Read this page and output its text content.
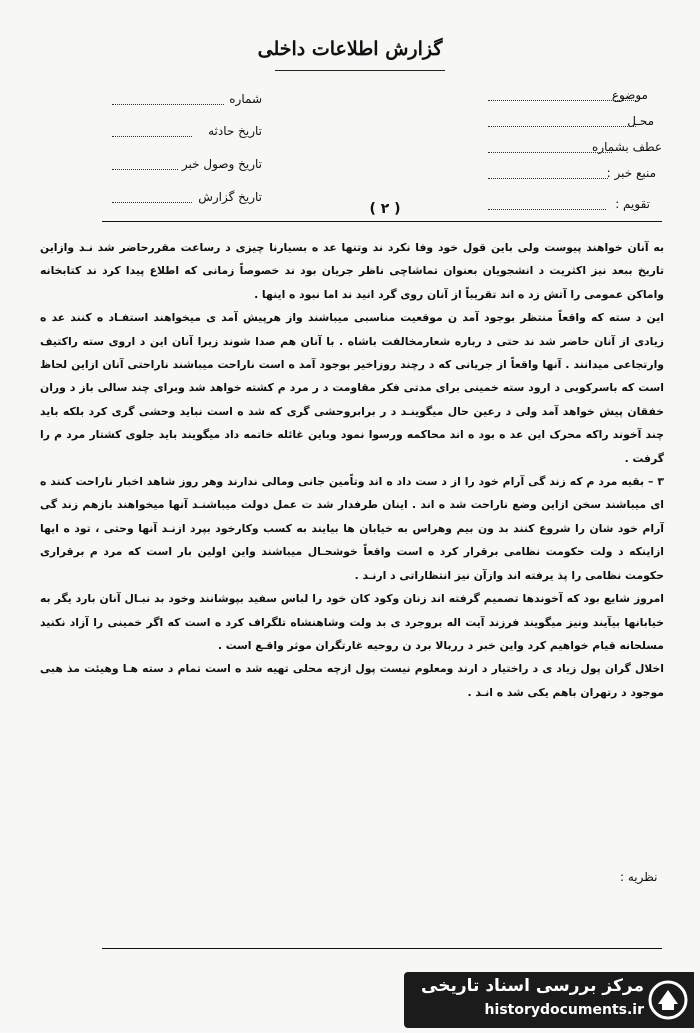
گزارش اطلاعات داخلی
موضوع
محـل
عطف بشماره
منبع خبر :
تقویم :
شماره
تاریخ حادثه
تاریخ وصول خبر
تاریخ گزارش
( ۲ )

به آنان خواهند پیوست ولی باین قول خود وفا نکرد ند وتنها عد ه بسیارنا چیزی د رساعت مقررحاضر شد نـد وازاین تاریخ ببعد نیز اکثریت د انشجویان بعنوان تماشاچی ناظر جریان بود ند خصوصاً زمانی که اطلاع پیدا کرد ند کتابخانه واماکن عمومی را آتش زد ه اند تقریباً از آنان روی گرد انید ند اما نبود ه اینها .

این د سته که واقعاً منتظر بوجود آمد ن موقعیت مناسبی میباشند واز هرپیش آمد ی میخواهند استفـاد ه کنند عد ه زیادی از آنان حاضر شد ند حتی د رباره شعارمخالفت باشاه . با آنان هم صدا شوند زیرا آنان این د اروی سته راکتیف وارتجاعی میدانند . آنها واقعاً از جریانی که د رچند روزاخیر بوجود آمد ه است ناراحت میباشند ناراحتی آنان ازاین لحاظ است که باسرکوبی د ارود سته خمینی برای مدتی فکر مقاومت د ر مرد م کشته خواهد شد وبرای چند سالی باز د وران خفقان پیش خواهد آمد ولی د رعین حال میگوینـد د ر برابروحشی گری که شد ه است نباید وحشی گری کرد بلکه باید چند آخوند راکه محرک این عد ه بود ه اند محاکمه ورسوا نمود وباین غائله خاتمه داد میگویند باید جلوی کشتار مرد م را گرفت .

۳ – بقیه مرد م که زند گی آرام خود را از د ست داد ه اند وتاًمین جانی ومالی ندارند وهر روز شاهد اخبار ناراحت کنند ه ای میباشند سخن ازاین وضع ناراحت شد ه اند . اینان طرفدار شد ت عمل دولت میباشنـد آنها میخواهند بازهم زند گی آرام خود شان را شروع کنند بد ون بیم وهراس به خیابان ها بیایند به کسب وکارخود بپرد ازنـد آنها وحتی ، تود ه ایها ازاینکه د ولت حکومت نظامی برقرار کرد ه است واقعاً خوشحـال میباشند واین اولین بار است که مرد م برقراری حکومت نظامی را پذ یرفته اند وازآن نیز انتظاراتی د ارنـد .

امروز شایع بود که آخوندها تصمیم گرفته اند زنان وکود کان خود را لباس سفید بپوشانند وخود بد نبـال آنان بارد یگر به خیابانها بیآیند ونیز میگویند فرزند آیت اله بروجرد ی بد ولت وشاهنشاه تلگراف کرد ه است که اگر خمینی را آزاد نکنید مسلحانه قیام خواهیم کرد واین خبر د رربالا برد ن روحیه غارتگران موثر واقـع است .

اخلال گران پول زیاد ی د راختیار د ارند ومعلوم نیست پول ازچه محلی تهیه شد ه است تمام د سته هـا وهیئت مذ هبی موجود د رتهران باهم یکی شد ه انـد .

نظریه :
مرکز بررسی اسناد تاریخی
historydocuments.ir
